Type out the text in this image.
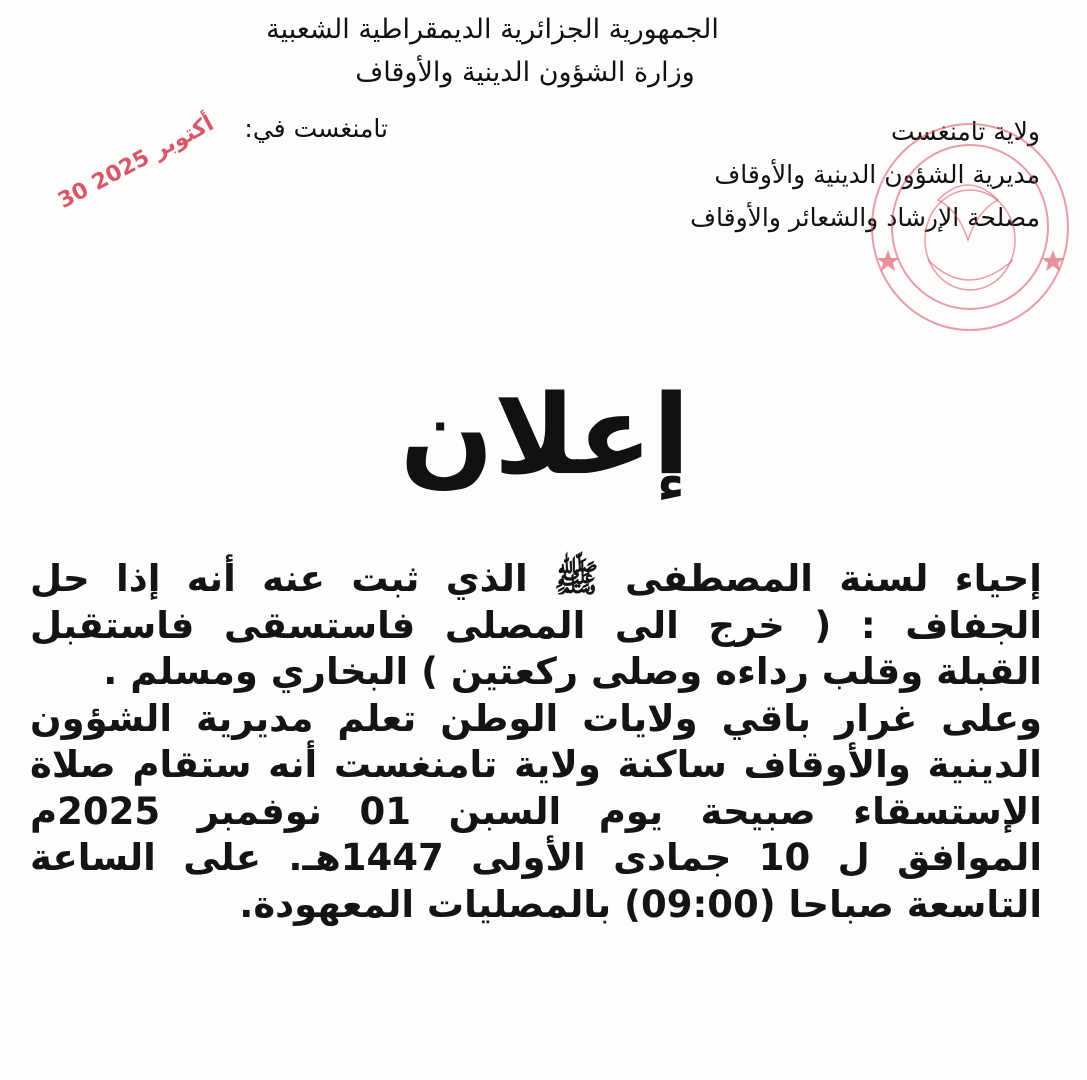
الجمهورية الجزائرية الديمقراطية الشعبية
وزارة الشؤون الدينية والأوقاف
تامنغست في:
30 أكتوبر 2025	ولاية تامنغست
مديرية الشؤون الدينية والأوقاف
مصلحة الإرشاد والشعائر والأوقاف
إعلان

إحياء لسنة المصطفى ﷺ الذي ثبت عنه أنه إذا حل الجفاف : ( خرج الى المصلى فاستسقى فاستقبل القبلة وقلب رداءه وصلى ركعتين ) البخاري ومسلم .

وعلى غرار باقي ولايات الوطن تعلم مديرية الشؤون الدينية والأوقاف ساكنة ولاية تامنغست أنه ستقام صلاة الإستسقاء صبيحة يوم السبن 01 نوفمبر 2025م الموافق ل 10 جمادى الأولى 1447هـ. على الساعة التاسعة صباحا (09:00) بالمصليات المعهودة.
